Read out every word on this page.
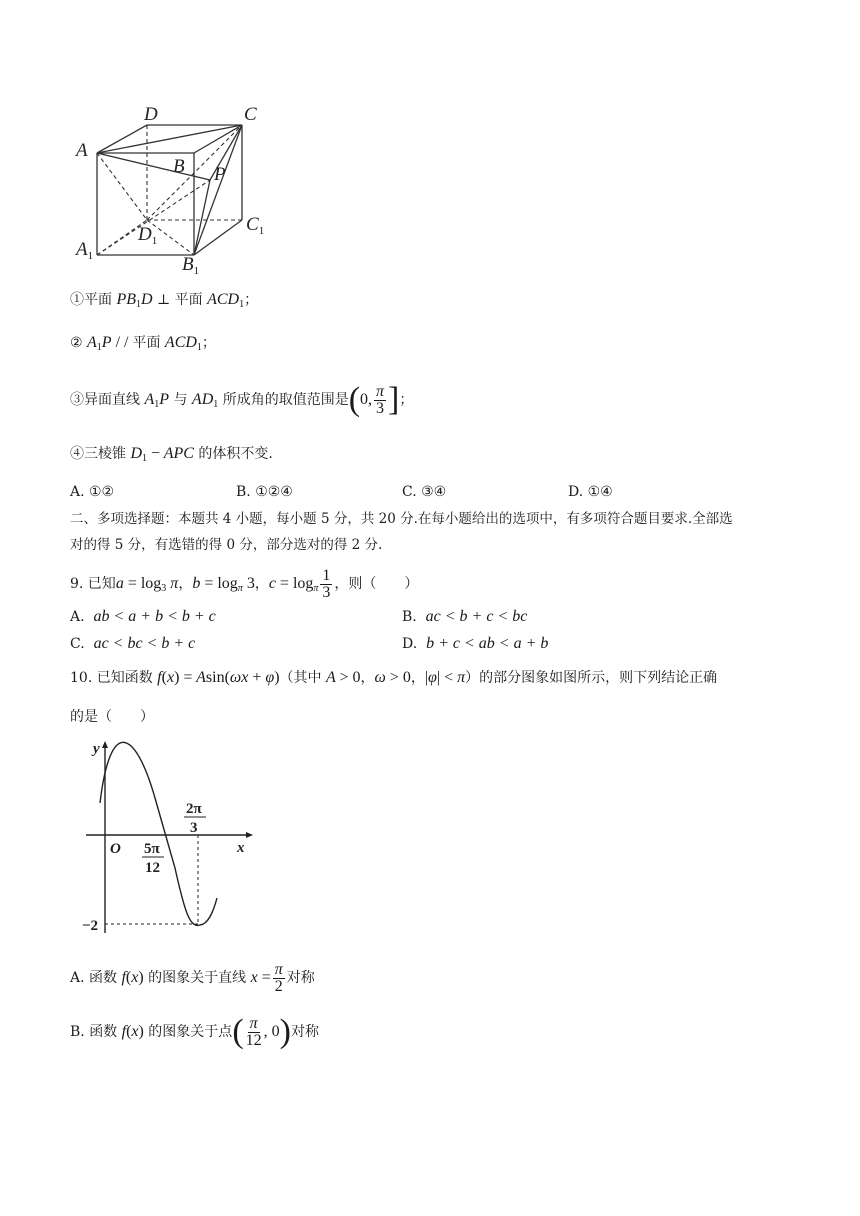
D	C
A
B P
$D_1$
$C_1$
$A_1$	$B_1$
①平面 $PB_1D$ ⊥ 平面 $ACD_1$；
② $A_1P$ / / 平面 $ACD_1$；
③异面直线 $A_1P$ 与 $AD_1$ 所成角的取值范围是(0, $\frac{\pi}{3}$ ]；
④三棱锥 $D_1$ − APC 的体积不变.
A. ①②	B. ①②④	C. ③④	D. ①④
二、多项选择题：本题共 4 小题，每小题 5 分，共 20 分.在每小题给出的选项中，有多项符合题目要求.全部选
对的得 5 分，有选错的得 0 分，部分选对的得 2 分.
9. 已知$a = \log_3 \pi$，$b = \log_\pi 3$，$c = \log_\pi \frac{1}{3}$ ，则（　　）
A. ab < a + b < b + c	B. ac < b + c < bc
C. ac < bc < b + c	D. b + c < ab < a + b
10. 已知函数 f(x) = Asin(ωx + φ)（其中 A > 0，ω > 0，|φ| < π）的部分图象如图所示，则下列结论正确
的是（　　）
y
x
O 5π
12
2π
3
−2
A. 函数 f(x) 的图象关于直线 $x = \frac{\pi}{2}$ 对称
B. 函数 f(x) 的图象关于点( $\frac{\pi}{12}$ , 0)对称
